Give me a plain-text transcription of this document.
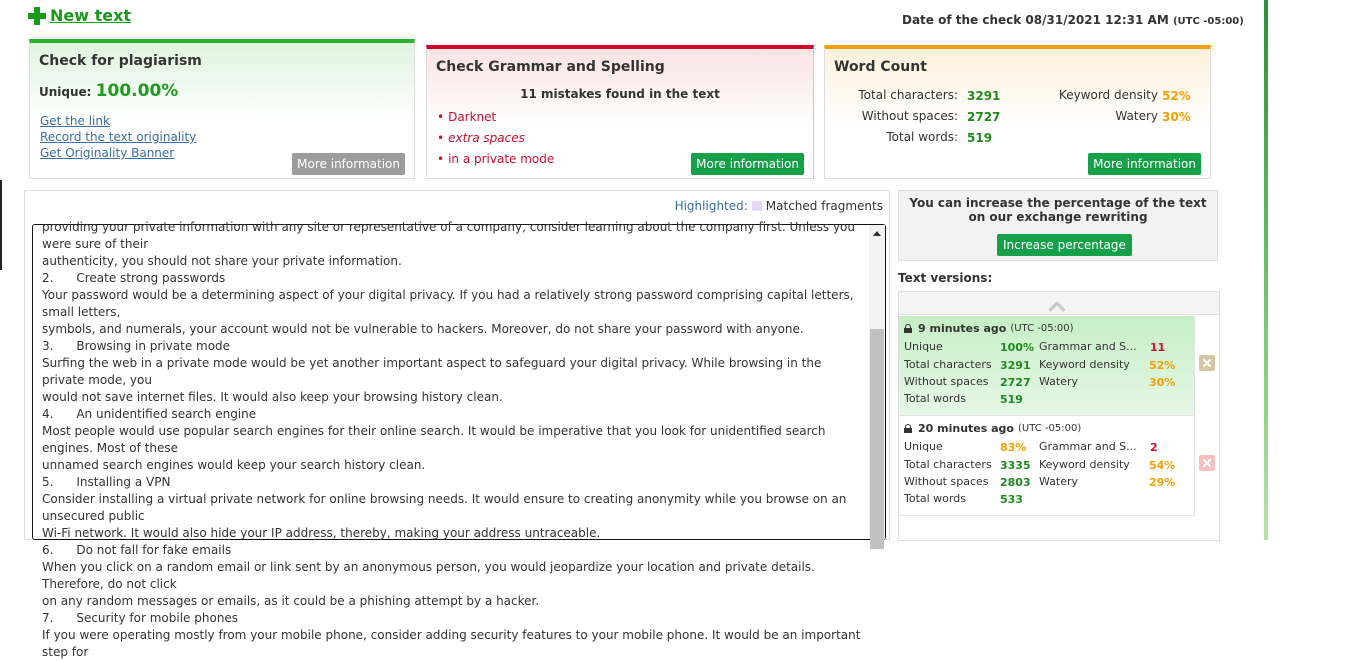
New text	Date of the check 08/31/2021 12:31 AM (UTC -05:00)
Check for plagiarism
Unique: 100.00%
Get the link
Record the text originality
Get Originality Banner
More information
Check Grammar and Spelling
11 mistakes found in the text
• Darknet
• extra spaces
• in a private mode	More information
Word Count
Total characters: 3291
Without spaces: 2727
Total words: 519
Keyword density 52%
Watery 30%
More information
Highlighted: Matched fragments

providing your private information with any site or representative of a company, consider learning about the company first. Unless you were sure of their

authenticity, you should not share your private information.

2.      Create strong passwords

Your password would be a determining aspect of your digital privacy. If you had a relatively strong password comprising capital letters, small letters,

symbols, and numerals, your account would not be vulnerable to hackers. Moreover, do not share your password with anyone.

3.      Browsing in private mode

Surfing the web in a private mode would be yet another important aspect to safeguard your digital privacy. While browsing in the private mode, you

would not save internet files. It would also keep your browsing history clean.

4.      An unidentified search engine

Most people would use popular search engines for their online search. It would be imperative that you look for unidentified search engines. Most of these

unnamed search engines would keep your search history clean.

5.      Installing a VPN

Consider installing a virtual private network for online browsing needs. It would ensure to creating anonymity while you browse on an unsecured public

Wi-Fi network. It would also hide your IP address, thereby, making your address untraceable.

6.      Do not fall for fake emails

When you click on a random email or link sent by an anonymous person, you would jeopardize your location and private details. Therefore, do not click

on any random messages or emails, as it could be a phishing attempt by a hacker.

7.      Security for mobile phones

If you were operating mostly from your mobile phone, consider adding security features to your mobile phone. It would be an important step for

You can increase the percentage of the text on our exchange rewriting
Increase percentage
Text versions:
9 minutes ago (UTC -05:00)
Unique	100%
Total characters 3291
Without spaces 2727
Total words	519
Grammar and S... 11
Keyword density 52%
Watery	30%
20 minutes ago (UTC -05:00)
Unique	83%
Total characters 3335
Without spaces 2803
Total words	533
Grammar and S... 2
Keyword density 54%
Watery	29%
